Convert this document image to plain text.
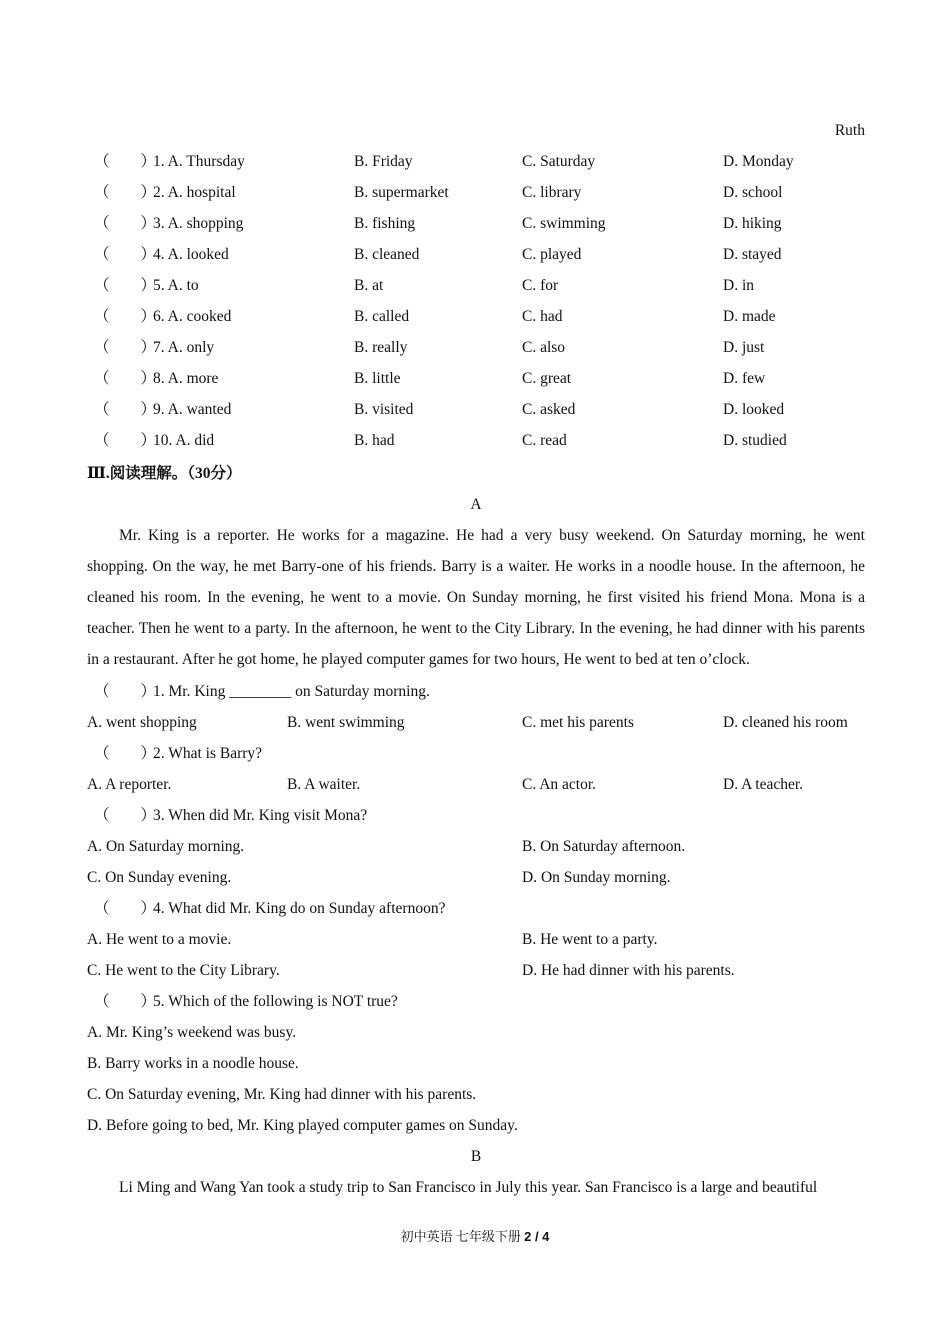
Ruth
（　　）
1. A. Thursday	B. Friday	C. Saturday	D. Monday
（　　）
2. A. hospital	B. supermarket	C. library	D. school
（　　）
3. A. shopping	B. fishing	C. swimming	D. hiking
（　　）
4. A. looked	B. cleaned	C. played	D. stayed
（　　）
5. A. to	B. at	C. for	D. in
（　　）
6. A. cooked	B. called	C. had	D. made
（　　）
7. A. only	B. really	C. also	D. just
（　　）
8. A. more	B. little	C. great	D. few
（　　）
9. A. wanted	B. visited	C. asked	D. looked
（　　）
10. A. did	B. had	C. read	D. studied
Ⅲ.阅读理解。（30分）
A

Mr. King is a reporter. He works for a magazine. He had a very busy weekend. On Saturday morning, he went shopping. On the way, he met Barry-one of his friends. Barry is a waiter. He works in a noodle house. In the afternoon, he cleaned his room. In the evening, he went to a movie. On Sunday morning, he first visited his friend Mona. Mona is a teacher. Then he went to a party. In the afternoon, he went to the City Library. In the evening, he had dinner with his parents in a restaurant. After he got home, he played computer games for two hours, He went to bed at ten o’clock.

（　　）
1. Mr. King ________ on Saturday morning.
A. went shopping	B. went swimming	C. met his parents	D. cleaned his room
（　　）
2. What is Barry?
A. A reporter.	B. A waiter.	C. An actor.	D. A teacher.
（　　）
3. When did Mr. King visit Mona?
A. On Saturday morning.	B. On Saturday afternoon.
C. On Sunday evening.	D. On Sunday morning.
（　　）
4. What did Mr. King do on Sunday afternoon?
A. He went to a movie.	B. He went to a party.
C. He went to the City Library.	D. He had dinner with his parents.
（　　）
5. Which of the following is NOT true?
A. Mr. King’s weekend was busy.
B. Barry works in a noodle house.
C. On Saturday evening, Mr. King had dinner with his parents.
D. Before going to bed, Mr. King played computer games on Sunday.
B

Li Ming and Wang Yan took a study trip to San Francisco in July this year. San Francisco is a large and beautiful

初中英语 七年级下册 2 / 4
